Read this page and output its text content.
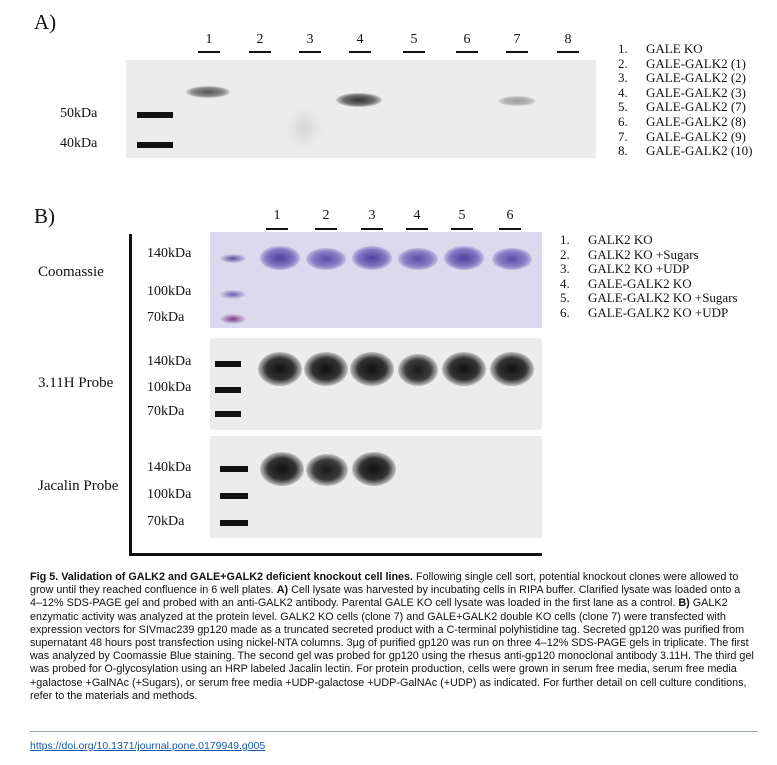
A)
1	2	3	4	5	6	7	8
50kDa
40kDa
1.	GALE KO
2.	GALE-GALK2 (1)
3.	GALE-GALK2 (2)
4.	GALE-GALK2 (3)
5.	GALE-GALK2 (7)
6.	GALE-GALK2 (8)
7.	GALE-GALK2 (9)
8.	GALE-GALK2 (10)
B)	1	2	3	4	5	6
Coomassie
140kDa
100kDa
70kDa
3.11H Probe
140kDa
100kDa
70kDa
Jacalin Probe
140kDa
100kDa
70kDa
1.	GALK2 KO
2.	GALK2 KO +Sugars
3.	GALK2 KO +UDP
4.	GALE-GALK2 KO
5.	GALE-GALK2 KO +Sugars
6.	GALE-GALK2 KO +UDP
Fig 5. Validation of GALK2 and GALE+GALK2 deficient knockout cell lines. Following single cell sort, potential knockout clones were allowed to grow until they reached confluence in 6 well plates. A) Cell lysate was harvested by incubating cells in RIPA buffer. Clarified lysate was loaded onto a 4–12% SDS-PAGE gel and probed with an anti-GALK2 antibody. Parental GALE KO cell lysate was loaded in the first lane as a control. B) GALK2 enzymatic activity was analyzed at the protein level. GALK2 KO cells (clone 7) and GALE+GALK2 double KO cells (clone 7) were transfected with expression vectors for SIVmac239 gp120 made as a truncated secreted product with a C-terminal polyhistidine tag. Secreted gp120 was purified from supernatant 48 hours post transfection using nickel-NTA columns. 3µg of purified gp120 was run on three 4–12% SDS-PAGE gels in triplicate. The first was analyzed by Coomassie Blue staining. The second gel was probed for gp120 using the rhesus anti-gp120 monoclonal antibody 3.11H. The third gel was probed for O-glycosylation using an HRP labeled Jacalin lectin. For protein production, cells were grown in serum free media, serum free media +galactose +GalNAc (+Sugars), or serum free media +UDP-galactose +UDP-GalNAc (+UDP) as indicated. For further detail on cell culture conditions, refer to the materials and methods.
https://doi.org/10.1371/journal.pone.0179949.g005
